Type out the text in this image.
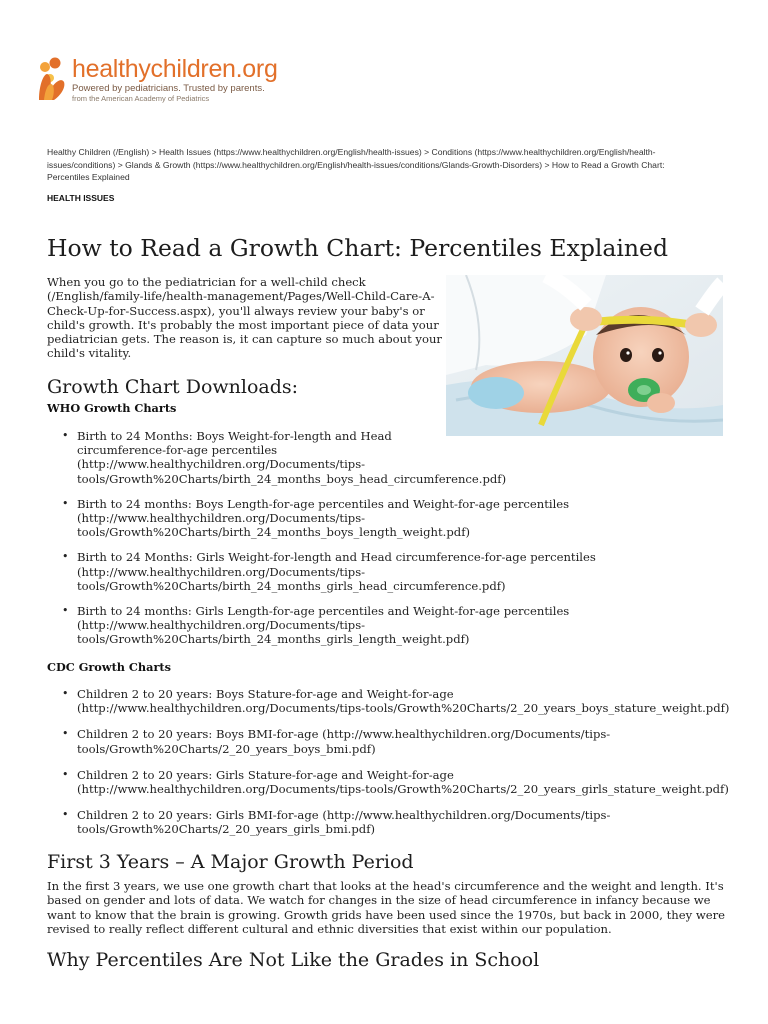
healthychildren.org
Powered by pediatricians. Trusted by parents.
from the American Academy of Pediatrics
Healthy Children (/English) > Health Issues (https://www.healthychildren.org/English/health-issues) > Conditions (https://www.healthychildren.org/English/health-issues/conditions) > Glands & Growth (https://www.healthychildren.org/English/health-issues/conditions/Glands-Growth-Disorders) > How to Read a Growth Chart: Percentiles Explained
HEALTH ISSUES
How to Read a Growth Chart: Percentiles Explained
When you go to the pediatrician for a well-child check (/English/family-life/health-management/Pages/Well-Child-Care-A-Check-Up-for-Success.aspx), you'll always review your baby's or child's growth. It's probably the most important piece of data your pediatrician gets. The reason is, it can capture so much about your child's vitality.
Growth Chart Downloads:
WHO Growth Charts
• Birth to 24 Months: Boys Weight-for-length and Head
circumference-for-age percentiles
(http://www.healthychildren.org/Documents/tips-
tools/Growth%20Charts/birth_24_months_boys_head_circumference.pdf)
• Birth to 24 months: Boys Length-for-age percentiles and Weight-for-age percentiles
(http://www.healthychildren.org/Documents/tips-
tools/Growth%20Charts/birth_24_months_boys_length_weight.pdf)
• Birth to 24 Months: Girls Weight-for-length and Head circumference-for-age percentiles
(http://www.healthychildren.org/Documents/tips-
tools/Growth%20Charts/birth_24_months_girls_head_circumference.pdf)
• Birth to 24 months: Girls Length-for-age percentiles and Weight-for-age percentiles
(http://www.healthychildren.org/Documents/tips-
tools/Growth%20Charts/birth_24_months_girls_length_weight.pdf)
CDC Growth Charts
• Children 2 to 20 years: Boys Stature-for-age and Weight-for-age
(http://www.healthychildren.org/Documents/tips-tools/Growth%20Charts/2_20_years_boys_stature_weight.pdf)
• Children 2 to 20 years: Boys BMI-for-age (http://www.healthychildren.org/Documents/tips-
tools/Growth%20Charts/2_20_years_boys_bmi.pdf)
• Children 2 to 20 years: Girls Stature-for-age and Weight-for-age
(http://www.healthychildren.org/Documents/tips-tools/Growth%20Charts/2_20_years_girls_stature_weight.pdf)
• Children 2 to 20 years: Girls BMI-for-age (http://www.healthychildren.org/Documents/tips-
tools/Growth%20Charts/2_20_years_girls_bmi.pdf)
First 3 Years – A Major Growth Period
In the first 3 years, we use one growth chart that looks at the head's circumference and the weight and length. It's based on gender and lots of data. We watch for changes in the size of head circumference in infancy because we want to know that the brain is growing. Growth grids have been used since the 1970s, but back in 2000, they were revised to really reflect different cultural and ethnic diversities that exist within our population.
Why Percentiles Are Not Like the Grades in School
